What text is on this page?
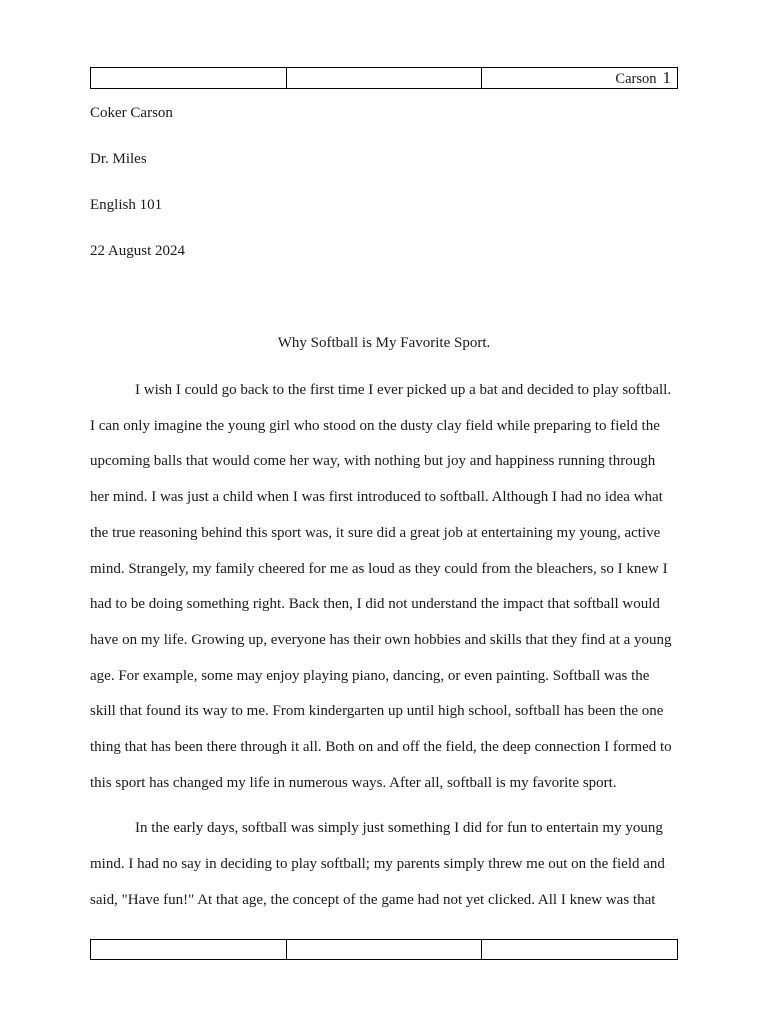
		Carson 1

Coker Carson

Dr. Miles

English 101

22 August 2024

Why Softball is My Favorite Sport.

I wish I could go back to the first time I ever picked up a bat and decided to play softball. I can only imagine the young girl who stood on the dusty clay field while preparing to field the upcoming balls that would come her way, with nothing but joy and happiness running through her mind. I was just a child when I was first introduced to softball. Although I had no idea what the true reasoning behind this sport was, it sure did a great job at entertaining my young, active mind. Strangely, my family cheered for me as loud as they could from the bleachers, so I knew I had to be doing something right. Back then, I did not understand the impact that softball would have on my life. Growing up, everyone has their own hobbies and skills that they find at a young age. For example, some may enjoy playing piano, dancing, or even painting. Softball was the skill that found its way to me. From kindergarten up until high school, softball has been the one thing that has been there through it all. Both on and off the field, the deep connection I formed to this sport has changed my life in numerous ways. After all, softball is my favorite sport.

In the early days, softball was simply just something I did for fun to entertain my young mind. I had no say in deciding to play softball; my parents simply threw me out on the field and said, "Have fun!" At that age, the concept of the game had not yet clicked. All I knew was that
